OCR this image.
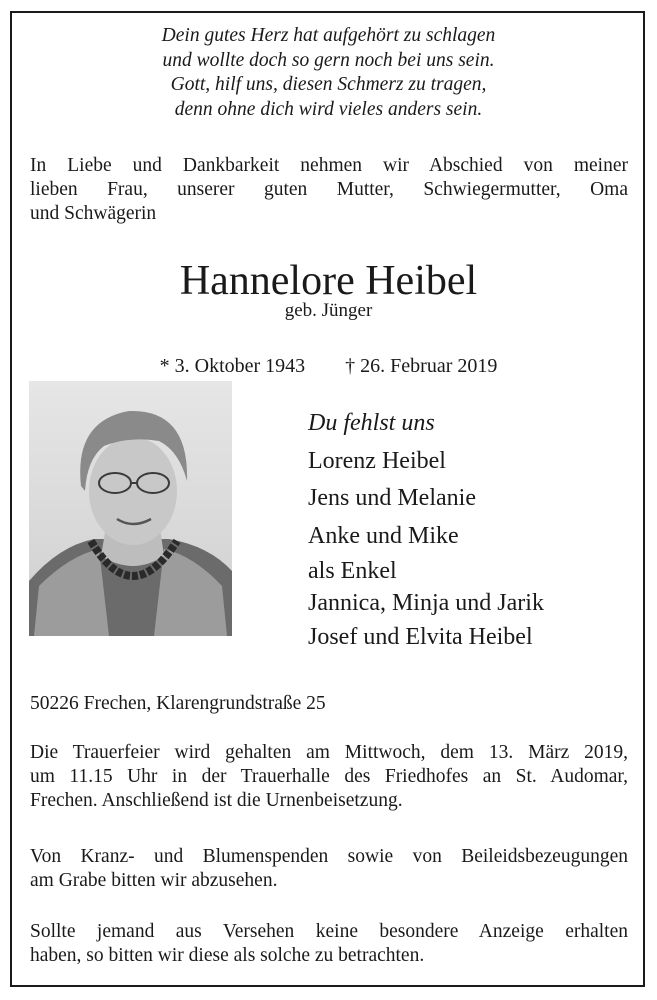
Dein gutes Herz hat aufgehört zu schlagen
und wollte doch so gern noch bei uns sein.
Gott, hilf uns, diesen Schmerz zu tragen,
denn ohne dich wird vieles anders sein.
In Liebe und Dankbarkeit nehmen wir Abschied von meiner
lieben Frau, unserer guten Mutter, Schwiegermutter, Oma
und Schwägerin
Hannelore Heibel
geb. Jünger
* 3. Oktober 1943 † 26. Februar 2019
Du fehlst uns
Lorenz Heibel
Jens und Melanie
Anke und Mike
als Enkel
Jannica, Minja und Jarik
Josef und Elvita Heibel
50226 Frechen, Klarengrundstraße 25
Die Trauerfeier wird gehalten am Mittwoch, dem 13. März 2019,
um 11.15 Uhr in der Trauerhalle des Friedhofes an St. Audomar,
Frechen. Anschließend ist die Urnenbeisetzung.
Von Kranz- und Blumenspenden sowie von Beileidsbezeugungen
am Grabe bitten wir abzusehen.
Sollte jemand aus Versehen keine besondere Anzeige erhalten
haben, so bitten wir diese als solche zu betrachten.
